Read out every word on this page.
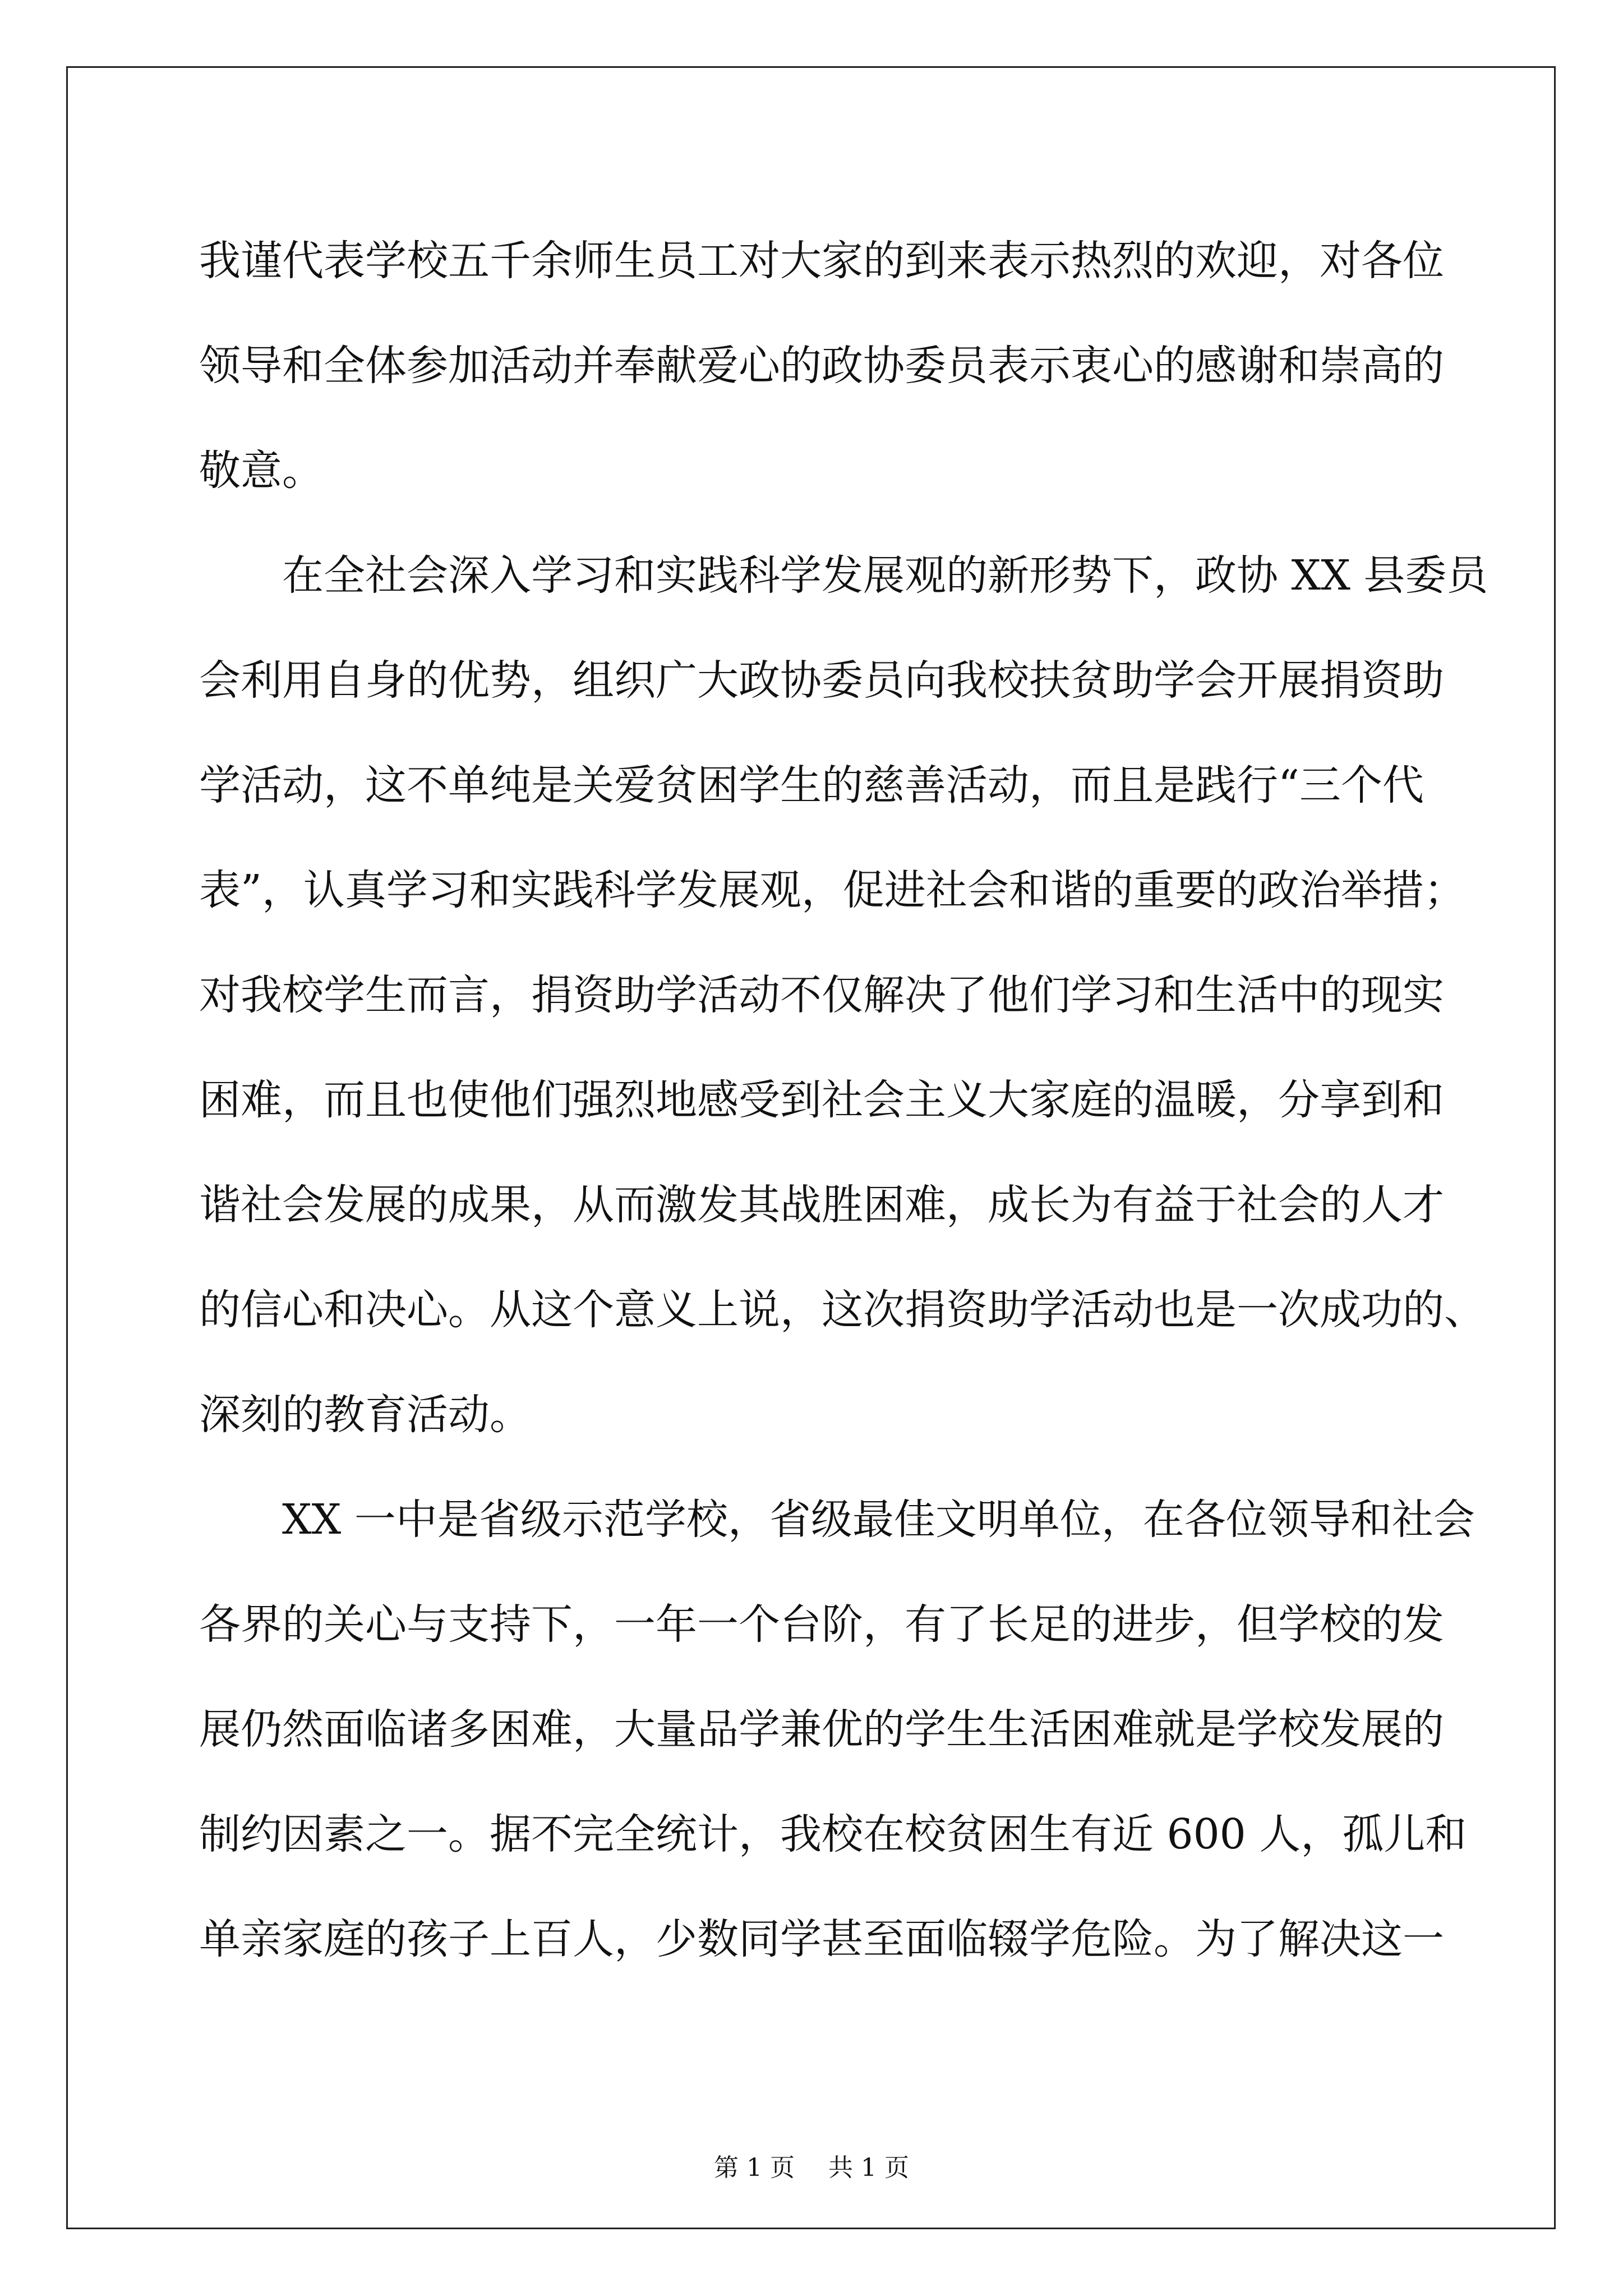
我谨代表学校五千余师生员工对大家的到来表示热烈的欢迎，对各位
领导和全体参加活动并奉献爱心的政协委员表示衷心的感谢和崇高的
敬意。
　　在全社会深入学习和实践科学发展观的新形势下，政协 XX 县委员
会利用自身的优势，组织广大政协委员向我校扶贫助学会开展捐资助
学活动，这不单纯是关爱贫困学生的慈善活动，而且是践行“三个代
表”，认真学习和实践科学发展观，促进社会和谐的重要的政治举措；
对我校学生而言，捐资助学活动不仅解决了他们学习和生活中的现实
困难，而且也使他们强烈地感受到社会主义大家庭的温暖，分享到和
谐社会发展的成果，从而激发其战胜困难，成长为有益于社会的人才
的信心和决心。从这个意义上说，这次捐资助学活动也是一次成功的、
深刻的教育活动。
　　XX 一中是省级示范学校，省级最佳文明单位，在各位领导和社会
各界的关心与支持下，一年一个台阶，有了长足的进步，但学校的发
展仍然面临诸多困难，大量品学兼优的学生生活困难就是学校发展的
制约因素之一。据不完全统计，我校在校贫困生有近 600 人，孤儿和
单亲家庭的孩子上百人，少数同学甚至面临辍学危险。为了解决这一
第 1 页 共 1 页
